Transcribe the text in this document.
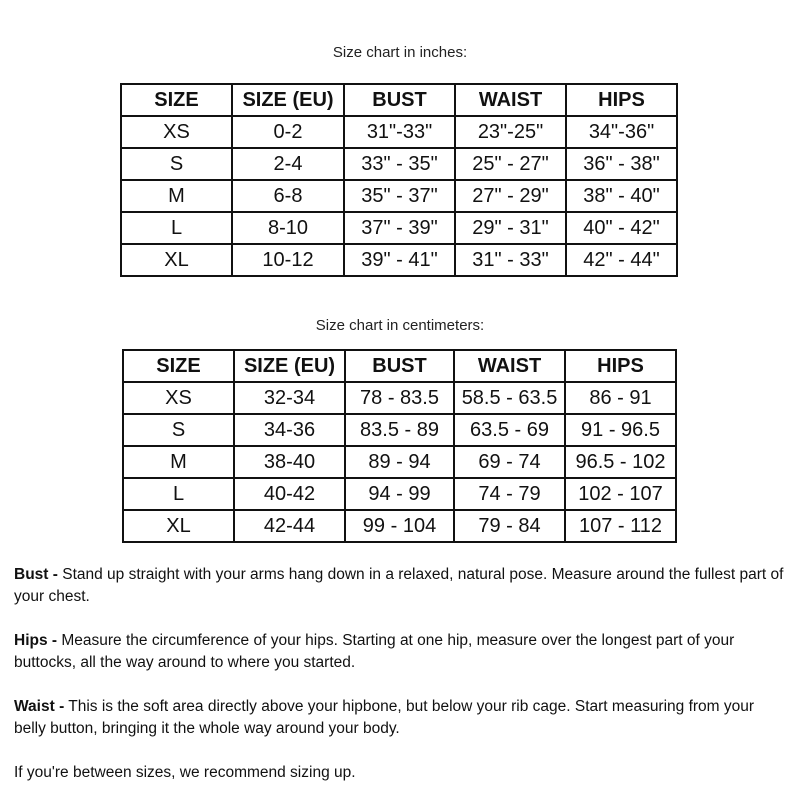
Size chart in inches:
SIZE	SIZE (EU)	BUST	WAIST	HIPS
XS	0-2	31"-33"	23"-25"	34"-36"
S	2-4	33" - 35"	25" - 27"	36" - 38"
M	6-8	35" - 37"	27" - 29"	38" - 40"
L	8-10	37" - 39"	29" - 31"	40" - 42"
XL	10-12	39" - 41"	31" - 33"	42" - 44"
Size chart in centimeters:
SIZE	SIZE (EU)	BUST	WAIST	HIPS
XS	32-34	78 - 83.5	58.5 - 63.5	86 - 91
S	34-36	83.5 - 89	63.5 - 69	91 - 96.5
M	38-40	89 - 94	69 - 74	96.5 - 102
L	40-42	94 - 99	74 - 79	102 - 107
XL	42-44	99 - 104	79 - 84	107 - 112

Bust - Stand up straight with your arms hang down in a relaxed, natural pose. Measure around the fullest part of your chest.

Hips - Measure the circumference of your hips. Starting at one hip, measure over the longest part of your buttocks, all the way around to where you started.

Waist - This is the soft area directly above your hipbone, but below your rib cage. Start measuring from your belly button, bringing it the whole way around your body.

If you're between sizes, we recommend sizing up.
